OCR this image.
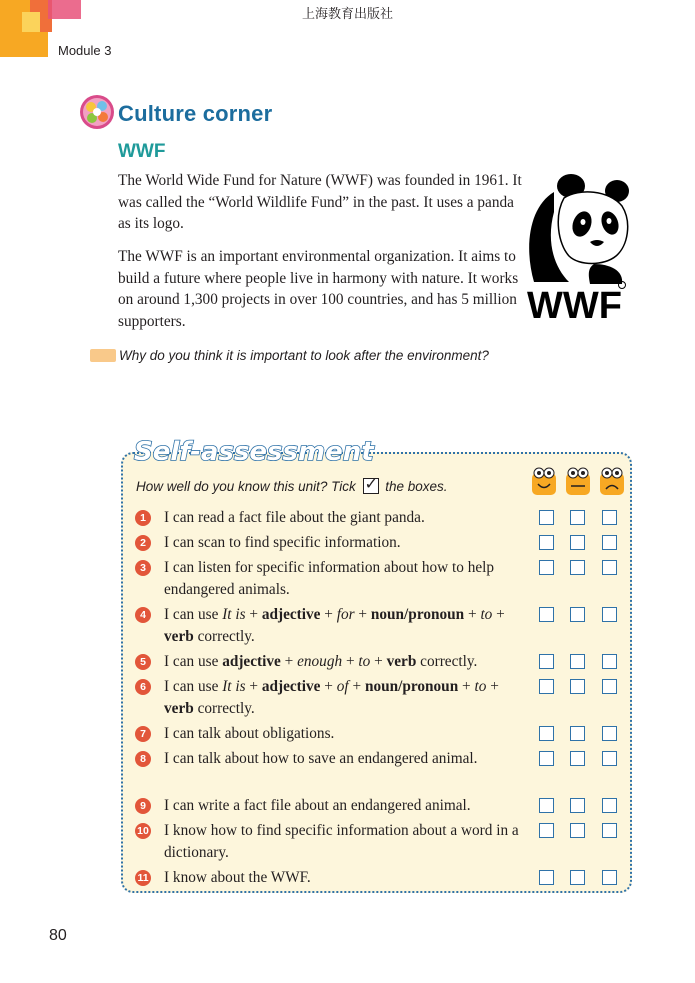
上海教育出版社
Module 3
Culture corner
WWF
The World Wide Fund for Nature (WWF) was founded in 1961. It was called the “World Wildlife Fund” in the past. It uses a panda as its logo.
The WWF is an important environmental organization. It aims to build a future where people live in harmony with nature. It works on around 1,300 projects in over 100 countries, and has 5 million supporters.	WWF
Why do you think it is important to look after the environment?
Self-assessment
How well do you know this unit? Tick ✓ the boxes.
1	I can read a fact file about the giant panda.
2	I can scan to find specific information.
3	I can listen for specific information about how to help endangered animals.
4	I can use It is + adjective + for + noun/pronoun + to + verb correctly.
5	I can use adjective + enough + to + verb correctly.
6	I can use It is + adjective + of + noun/pronoun + to + verb correctly.
7	I can talk about obligations.
8	I can talk about how to save an endangered animal.
9	I can write a fact file about an endangered animal.
10 I know how to find specific information about a word in a dictionary.
11 I know about the WWF.
80
